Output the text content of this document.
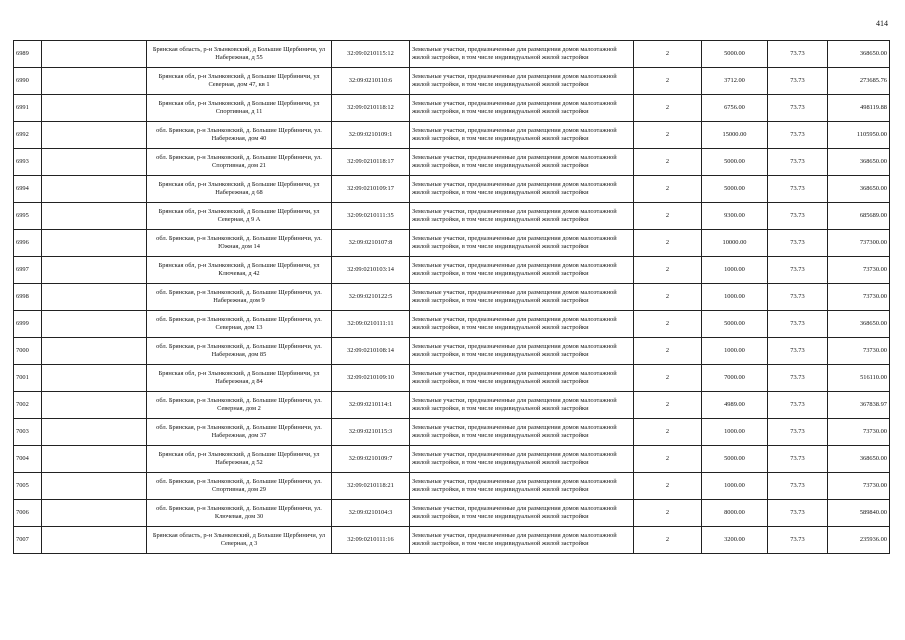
414
6989		Брянская область, р-н Злынковский, д Большие Щербиничи, ул Набережная, д 55	32:09:0210115:12	Земельные участки, предназначенные для размещения домов малоэтажной жилой застройки, в том числе индивидуальной жилой застройки	2	5000.00	73.73	368650.00
6990		Брянская обл, р-н Злынковский, д Большие Щербиничи, ул Северная, дом 47, кв 1	32:09:0210110:6	Земельные участки, предназначенные для размещения домов малоэтажной жилой застройки, в том числе индивидуальной жилой застройки	2	3712.00	73.73	273685.76
6991		Брянская обл, р-н Злынковский, д Большие Щербиничи, ул Спортивная, д 11	32:09:0210118:12	Земельные участки, предназначенные для размещения домов малоэтажной жилой застройки, в том числе индивидуальной жилой застройки	2	6756.00	73.73	498119.88
6992		обл. Брянская, р-н Злынковский, д. Большие Щербиничи, ул. Набережная, дом 40	32:09:0210109:1	Земельные участки, предназначенные для размещения домов малоэтажной жилой застройки, в том числе индивидуальной жилой застройки	2	15000.00	73.73	1105950.00
6993		обл. Брянская, р-н Злынковский, д. Большие Щербиничи, ул. Спортивная, дом 21	32:09:0210118:17	Земельные участки, предназначенные для размещения домов малоэтажной жилой застройки, в том числе индивидуальной жилой застройки	2	5000.00	73.73	368650.00
6994		Брянская обл, р-н Злынковский, д Большие Щербиничи, ул Набережная, д 68	32:09:0210109:17	Земельные участки, предназначенные для размещения домов малоэтажной жилой застройки, в том числе индивидуальной жилой застройки	2	5000.00	73.73	368650.00
6995		Брянская обл, р-н Злынковский, д Большие Щербиничи, ул Северная, д 9 А	32:09:0210111:35	Земельные участки, предназначенные для размещения домов малоэтажной жилой застройки, в том числе индивидуальной жилой застройки	2	9300.00	73.73	685689.00
6996		обл. Брянская, р-н Злынковский, д. Большие Щербиничи, ул. Южная, дом 14	32:09:0210107:8	Земельные участки, предназначенные для размещения домов малоэтажной жилой застройки, в том числе индивидуальной жилой застройки	2	10000.00	73.73	737300.00
6997		Брянская обл, р-н Злынковский, д Большие Щербиничи, ул Ключевая, д 42	32:09:0210103:14	Земельные участки, предназначенные для размещения домов малоэтажной жилой застройки, в том числе индивидуальной жилой застройки	2	1000.00	73.73	73730.00
6998		обл. Брянская, р-н Злынковский, д. Большие Щербиничи, ул. Набережная, дом 9	32:09:0210122:5	Земельные участки, предназначенные для размещения домов малоэтажной жилой застройки, в том числе индивидуальной жилой застройки	2	1000.00	73.73	73730.00
6999		обл. Брянская, р-н Злынковский, д. Большие Щербиничи, ул. Северная, дом 13	32:09:0210111:11	Земельные участки, предназначенные для размещения домов малоэтажной жилой застройки, в том числе индивидуальной жилой застройки	2	5000.00	73.73	368650.00
7000		обл. Брянская, р-н Злынковский, д. Большие Щербиничи, ул. Набережная, дом 85	32:09:0210108:14	Земельные участки, предназначенные для размещения домов малоэтажной жилой застройки, в том числе индивидуальной жилой застройки	2	1000.00	73.73	73730.00
7001		Брянская обл, р-н Злынковский, д Большие Щербиничи, ул Набережная, д 84	32:09:0210109:10	Земельные участки, предназначенные для размещения домов малоэтажной жилой застройки, в том числе индивидуальной жилой застройки	2	7000.00	73.73	516110.00
7002		обл. Брянская, р-н Злынковский, д. Большие Щербиничи, ул. Северная, дом 2	32:09:0210114:1	Земельные участки, предназначенные для размещения домов малоэтажной жилой застройки, в том числе индивидуальной жилой застройки	2	4989.00	73.73	367838.97
7003		обл. Брянская, р-н Злынковский, д. Большие Щербиничи, ул. Набережная, дом 37	32:09:0210115:3	Земельные участки, предназначенные для размещения домов малоэтажной жилой застройки, в том числе индивидуальной жилой застройки	2	1000.00	73.73	73730.00
7004		Брянская обл, р-н Злынковский, д Большие Щербиничи, ул Набережная, д 52	32:09:0210109:7	Земельные участки, предназначенные для размещения домов малоэтажной жилой застройки, в том числе индивидуальной жилой застройки	2	5000.00	73.73	368650.00
7005		обл. Брянская, р-н Злынковский, д. Большие Щербиничи, ул. Спортивная, дом 29	32:09:0210118:21	Земельные участки, предназначенные для размещения домов малоэтажной жилой застройки, в том числе индивидуальной жилой застройки	2	1000.00	73.73	73730.00
7006		обл. Брянская, р-н Злынковский, д. Большие Щербиничи, ул. Ключевая, дом 30	32:09:0210104:3	Земельные участки, предназначенные для размещения домов малоэтажной жилой застройки, в том числе индивидуальной жилой застройки	2	8000.00	73.73	589840.00
7007		Брянская область, р-н Злынковский, д Большие Щербиничи, ул Северная, д 3	32:09:0210111:16	Земельные участки, предназначенные для размещения домов малоэтажной жилой застройки, в том числе индивидуальной жилой застройки	2	3200.00	73.73	235936.00
